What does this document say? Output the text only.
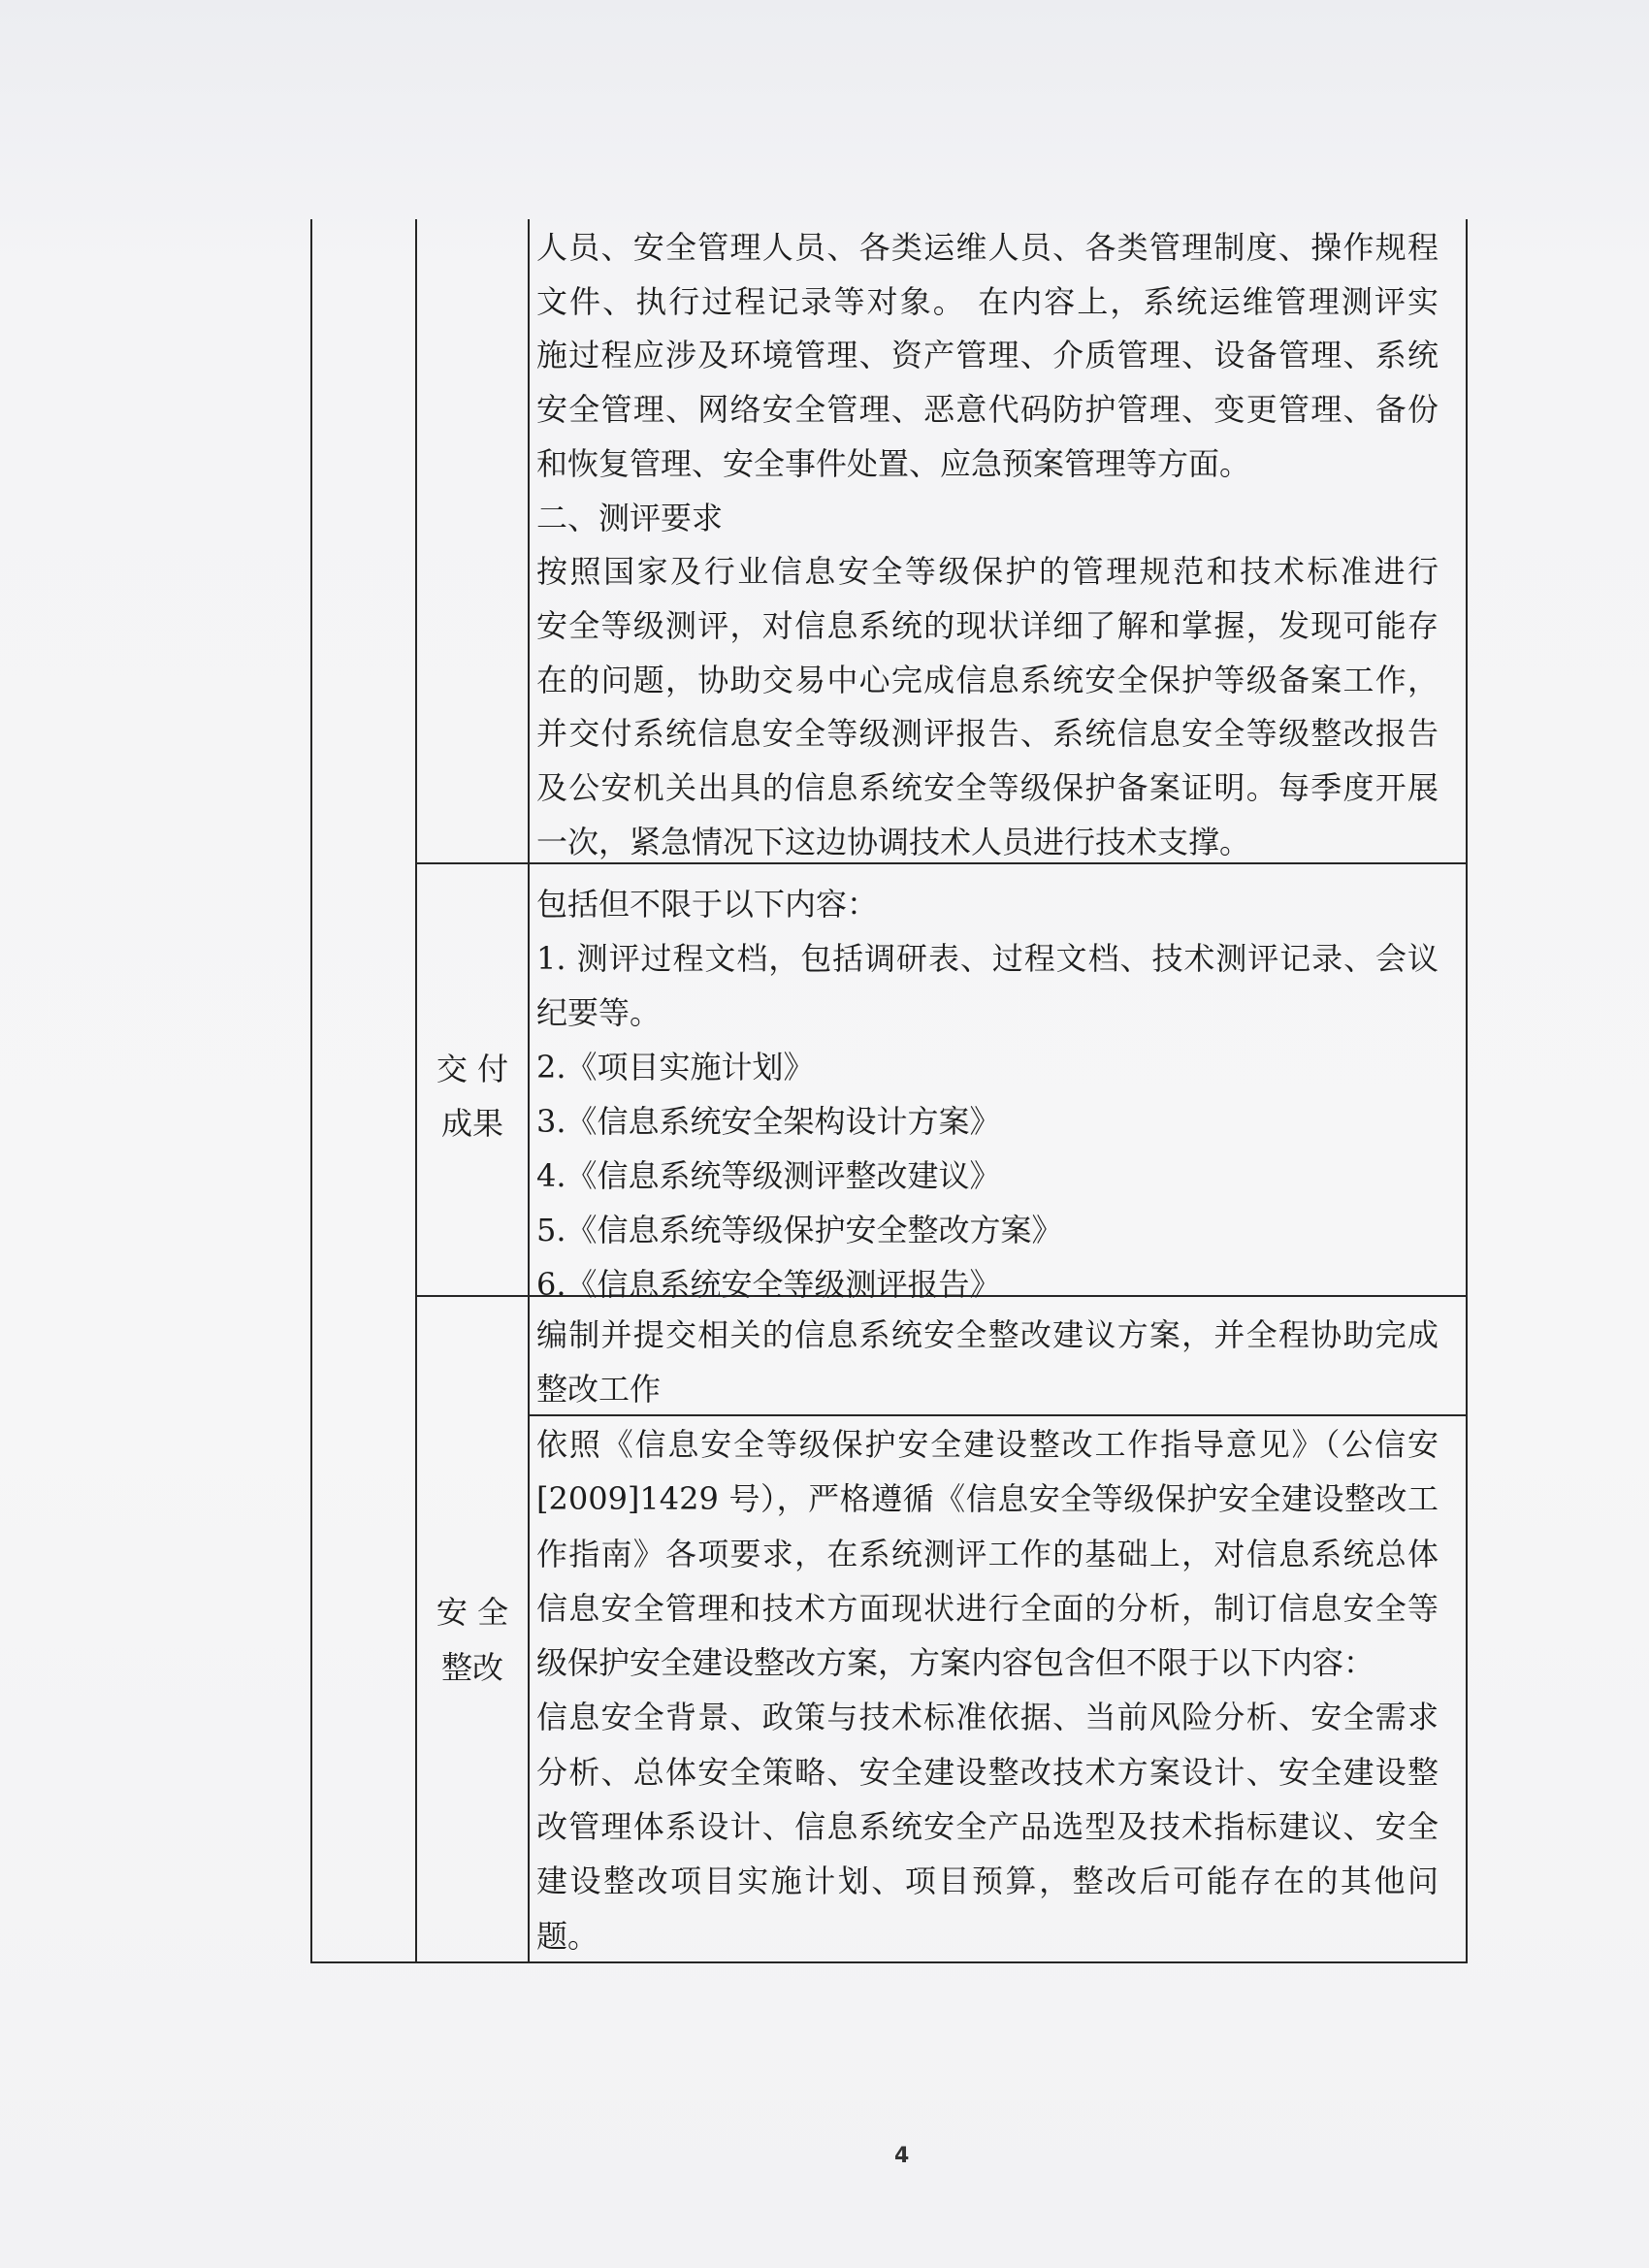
人员、安全管理人员、各类运维人员、各类管理制度、操作规程
文件、执行过程记录等对象。 在内容上，系统运维管理测评实
施过程应涉及环境管理、资产管理、介质管理、设备管理、系统
安全管理、网络安全管理、恶意代码防护管理、变更管理、备份
和恢复管理、安全事件处置、应急预案管理等方面。
二、测评要求
按照国家及行业信息安全等级保护的管理规范和技术标准进行
安全等级测评，对信息系统的现状详细了解和掌握，发现可能存
在的问题，协助交易中心完成信息系统安全保护等级备案工作，
并交付系统信息安全等级测评报告、系统信息安全等级整改报告
及公安机关出具的信息系统安全等级保护备案证明。每季度开展
一次，紧急情况下这边协调技术人员进行技术支撑。
交 付
成果
包括但不限于以下内容：
1. 测评过程文档，包括调研表、过程文档、技术测评记录、会议
纪要等。
2.《项目实施计划》
3.《信息系统安全架构设计方案》
4.《信息系统等级测评整改建议》
5.《信息系统等级保护安全整改方案》
6.《信息系统安全等级测评报告》
安 全
整改
编制并提交相关的信息系统安全整改建议方案，并全程协助完成
整改工作
依照《信息安全等级保护安全建设整改工作指导意见》（公信安
[2009]1429 号），严格遵循《信息安全等级保护安全建设整改工
作指南》各项要求，在系统测评工作的基础上，对信息系统总体
信息安全管理和技术方面现状进行全面的分析，制订信息安全等
级保护安全建设整改方案，方案内容包含但不限于以下内容：
信息安全背景、政策与技术标准依据、当前风险分析、安全需求
分析、总体安全策略、安全建设整改技术方案设计、安全建设整
改管理体系设计、信息系统安全产品选型及技术指标建议、安全
建设整改项目实施计划、项目预算，整改后可能存在的其他问
题。
4
